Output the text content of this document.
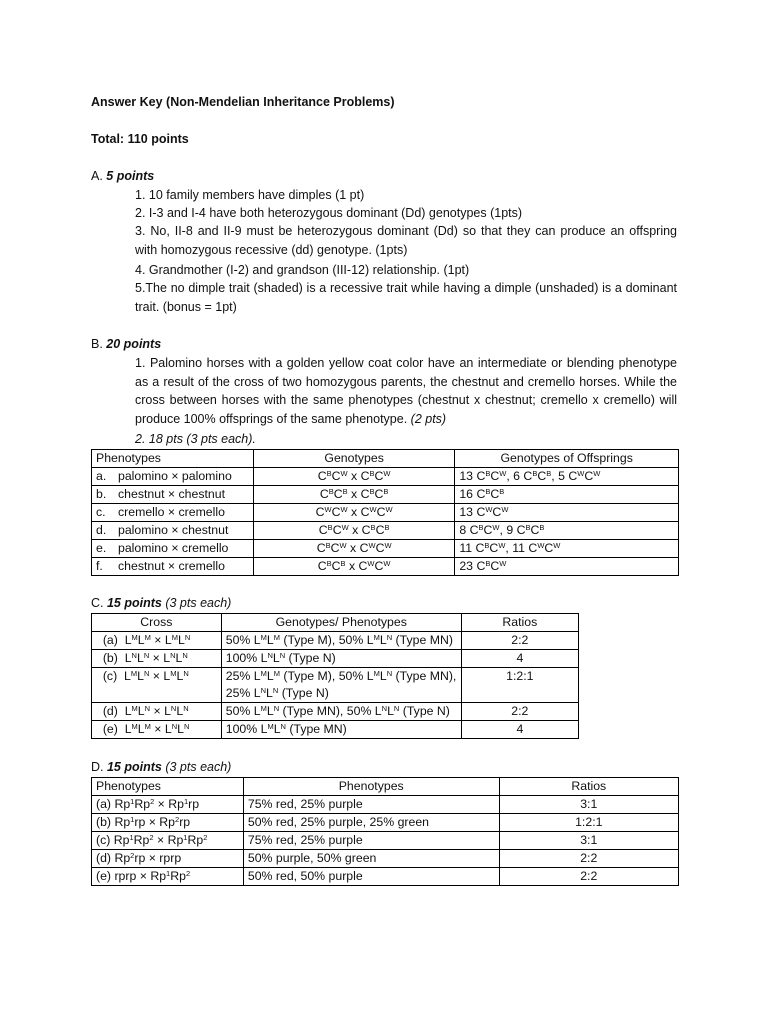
Answer Key (Non-Mendelian Inheritance Problems)
Total: 110 points
A. 5 points
1. 10 family members have dimples (1 pt)
2. I-3 and I-4 have both heterozygous dominant (Dd) genotypes (1pts)
3. No, II-8 and II-9 must be heterozygous dominant (Dd) so that they can produce an offspring with homozygous recessive (dd) genotype. (1pts)
4. Grandmother (I-2) and grandson (III-12) relationship. (1pt)
5.The no dimple trait (shaded) is a recessive trait while having a dimple (unshaded) is a dominant trait. (bonus = 1pt)
B. 20 points
1. Palomino horses with a golden yellow coat color have an intermediate or blending phenotype as a result of the cross of two homozygous parents, the chestnut and cremello horses. While the cross between horses with the same phenotypes (chestnut x chestnut; cremello x cremello) will produce 100% offsprings of the same phenotype. (2 pts)
2. 18 pts (3 pts each).
Phenotypes	Genotypes	Genotypes of Offsprings
a. palomino × palomino	$C^BC^W$ x $C^BC^W$	13 $C^BC^W$, 6 $C^BC^B$, 5 $C^WC^W$
b. chestnut × chestnut	$C^BC^B$ x $C^BC^B$	16 $C^BC^B$
c. cremello × cremello	$C^WC^W$ x $C^WC^W$	13 $C^WC^W$
d. palomino × chestnut	$C^BC^W$ x $C^BC^B$	8 $C^BC^W$, 9 $C^BC^B$
e. palomino × cremello	$C^BC^W$ x $C^WC^W$	11 $C^BC^W$, 11 $C^WC^W$
f. chestnut × cremello	$C^BC^B$ x $C^WC^W$	23 $C^BC^W$
C. 15 points (3 pts each)
Cross	Genotypes/ Phenotypes	Ratios
(a)  $L^ML^M \times L^ML^N$	50% $L^ML^M$ (Type M), 50% $L^ML^N$ (Type MN)	2:2
(b)  $L^NL^N \times L^NL^N$	100% $L^NL^N$ (Type N)	4
(c)  $L^ML^N \times L^ML^N$	25% $L^ML^M$ (Type M), 50% $L^ML^N$ (Type MN),
25% $L^NL^N$ (Type N)	1:2:1
(d)  $L^ML^N \times L^NL^N$	50% $L^ML^N$ (Type MN), 50% $L^NL^N$ (Type N)	2:2
(e)  $L^ML^M \times L^NL^N$	100% $L^ML^N$ (Type MN)	4
D. 15 points (3 pts each)
Phenotypes	Phenotypes	Ratios
(a) $Rp^1Rp^2 \times Rp^1rp$	75% red, 25% purple	3:1
(b) $Rp^1rp \times Rp^2rp$	50% red, 25% purple, 25% green	1:2:1
(c) $Rp^1Rp^2 \times Rp^1Rp^2$	75% red, 25% purple	3:1
(d) $Rp^2rp$ × rprp	50% purple, 50% green	2:2
(e) rprp × $Rp^1Rp^2$	50% red, 50% purple	2:2
